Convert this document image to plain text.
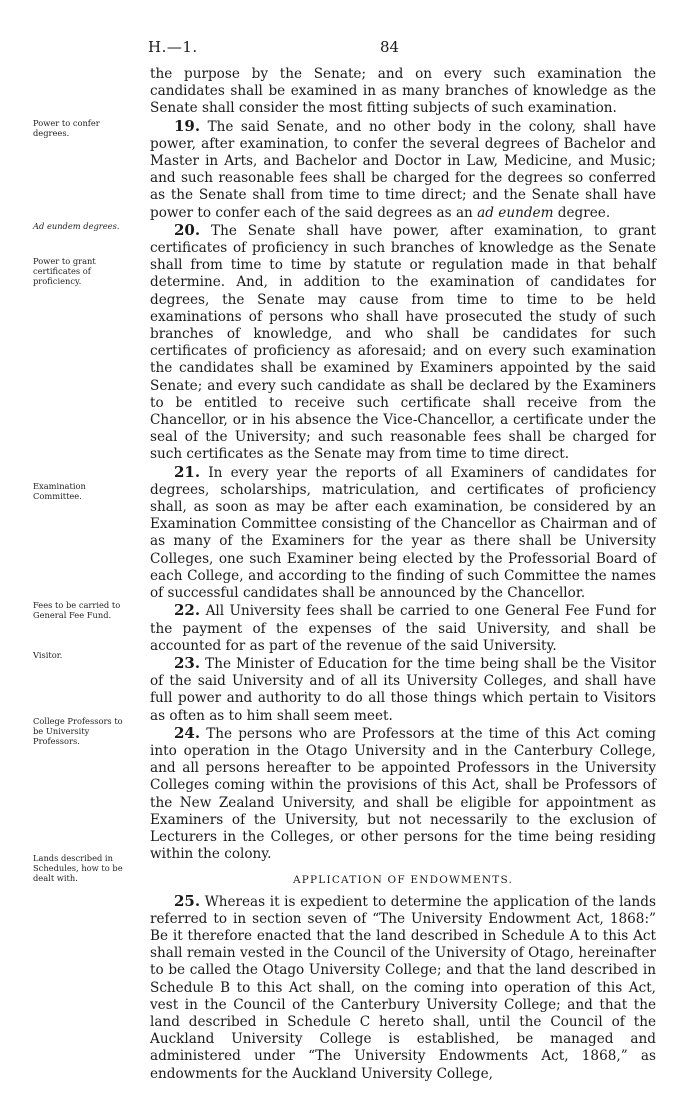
H.—1.	84
Power to confer degrees.
Ad eundem degrees.
Power to grant certificates of proficiency.
Examination Committee.
Fees to be carried to General Fee Fund.
Visitor.
College Professors to be University Professors.
Lands described in Schedules, how to be dealt with.

the purpose by the Senate; and on every such examination the candidates shall be examined in as many branches of knowledge as the Senate shall consider the most fitting subjects of such examination.

19. The said Senate, and no other body in the colony, shall have power, after examination, to confer the several degrees of Bachelor and Master in Arts, and Bachelor and Doctor in Law, Medicine, and Music; and such reasonable fees shall be charged for the degrees so conferred as the Senate shall from time to time direct; and the Senate shall have power to confer each of the said degrees as an ad eundem degree.

20. The Senate shall have power, after examination, to grant certificates of proficiency in such branches of knowledge as the Senate shall from time to time by statute or regulation made in that behalf determine. And, in addition to the examination of candidates for degrees, the Senate may cause from time to time to be held examinations of persons who shall have prosecuted the study of such branches of knowledge, and who shall be candidates for such certificates of proficiency as aforesaid; and on every such examination the candidates shall be examined by Examiners appointed by the said Senate; and every such candidate as shall be declared by the Examiners to be entitled to receive such certificate shall receive from the Chancellor, or in his absence the Vice-Chancellor, a certificate under the seal of the University; and such reasonable fees shall be charged for such certificates as the Senate may from time to time direct.

21. In every year the reports of all Examiners of candidates for degrees, scholarships, matriculation, and certificates of proficiency shall, as soon as may be after each examination, be considered by an Examination Committee consisting of the Chancellor as Chairman and of as many of the Examiners for the year as there shall be University Colleges, one such Examiner being elected by the Professorial Board of each College, and according to the finding of such Committee the names of successful candidates shall be announced by the Chancellor.

22. All University fees shall be carried to one General Fee Fund for the payment of the expenses of the said University, and shall be accounted for as part of the revenue of the said University.

23. The Minister of Education for the time being shall be the Visitor of the said University and of all its University Colleges, and shall have full power and authority to do all those things which pertain to Visitors as often as to him shall seem meet.

24. The persons who are Professors at the time of this Act coming into operation in the Otago University and in the Canterbury College, and all persons hereafter to be appointed Professors in the University Colleges coming within the provisions of this Act, shall be Professors of the New Zealand University, and shall be eligible for appointment as Examiners of the University, but not necessarily to the exclusion of Lecturers in the Colleges, or other persons for the time being residing within the colony.

APPLICATION OF ENDOWMENTS.

25. Whereas it is expedient to determine the application of the lands referred to in section seven of “The University Endowment Act, 1868:” Be it therefore enacted that the land described in Schedule A to this Act shall remain vested in the Council of the University of Otago, hereinafter to be called the Otago University College; and that the land described in Schedule B to this Act shall, on the coming into operation of this Act, vest in the Council of the Canterbury University College; and that the land described in Schedule C hereto shall, until the Council of the Auckland University College is established, be managed and administered under “The University Endowments Act, 1868,” as endowments for the Auckland University College,
